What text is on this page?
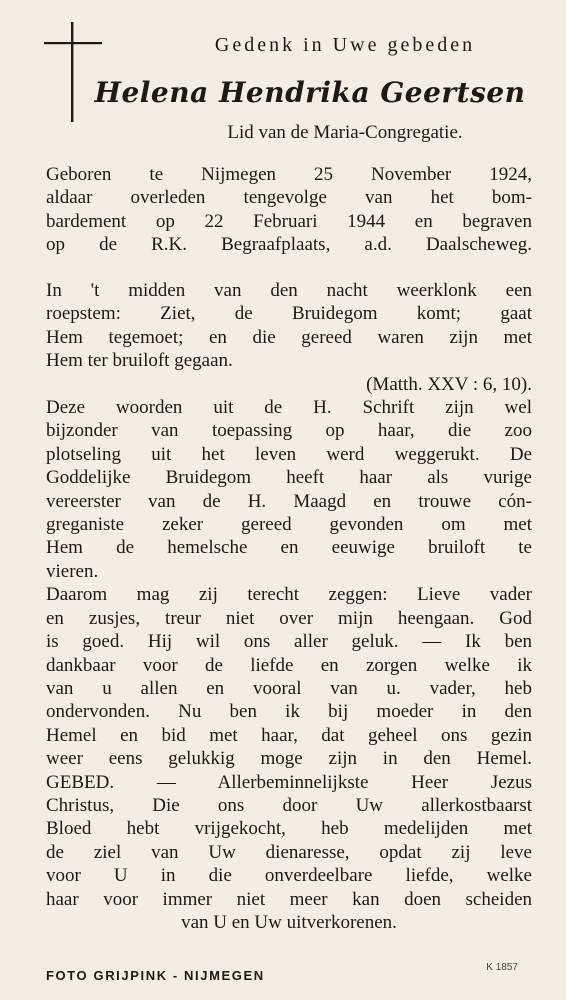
Gedenk in Uwe gebeden
Helena Hendrika Geertsen
Lid van de Maria-Congregatie.
Geboren te Nijmegen 25 November 1924,
aldaar overleden tengevolge van het bom-
bardement op 22 Februari 1944 en begraven
op de R.K. Begraafplaats, a.d. Daalscheweg.
In 't midden van den nacht weerklonk een
roepstem: Ziet, de Bruidegom komt; gaat
Hem tegemoet; en die gereed waren zijn met
Hem ter bruiloft gegaan.
(Matth. XXV : 6, 10).
Deze woorden uit de H. Schrift zijn wel
bijzonder van toepassing op haar, die zoo
plotseling uit het leven werd weggerukt. De
Goddelijke Bruidegom heeft haar als vurige
vereerster van de H. Maagd en trouwe cón-
greganiste zeker gereed gevonden om met
Hem de hemelsche en eeuwige bruiloft te
vieren.
Daarom mag zij terecht zeggen: Lieve vader
en zusjes, treur niet over mijn heengaan. God
is goed. Hij wil ons aller geluk. — Ik ben
dankbaar voor de liefde en zorgen welke ik
van u allen en vooral van u. vader, heb
ondervonden. Nu ben ik bij moeder in den
Hemel en bid met haar, dat geheel ons gezin
weer eens gelukkig moge zijn in den Hemel.
GEBED. — Allerbeminnelijkste Heer Jezus
Christus, Die ons door Uw allerkostbaarst
Bloed hebt vrijgekocht, heb medelijden met
de ziel van Uw dienaresse, opdat zij leve
voor U in die onverdeelbare liefde, welke
haar voor immer niet meer kan doen scheiden
van U en Uw uitverkorenen.
FOTO GRIJPINK - NIJMEGEN
K 1857
